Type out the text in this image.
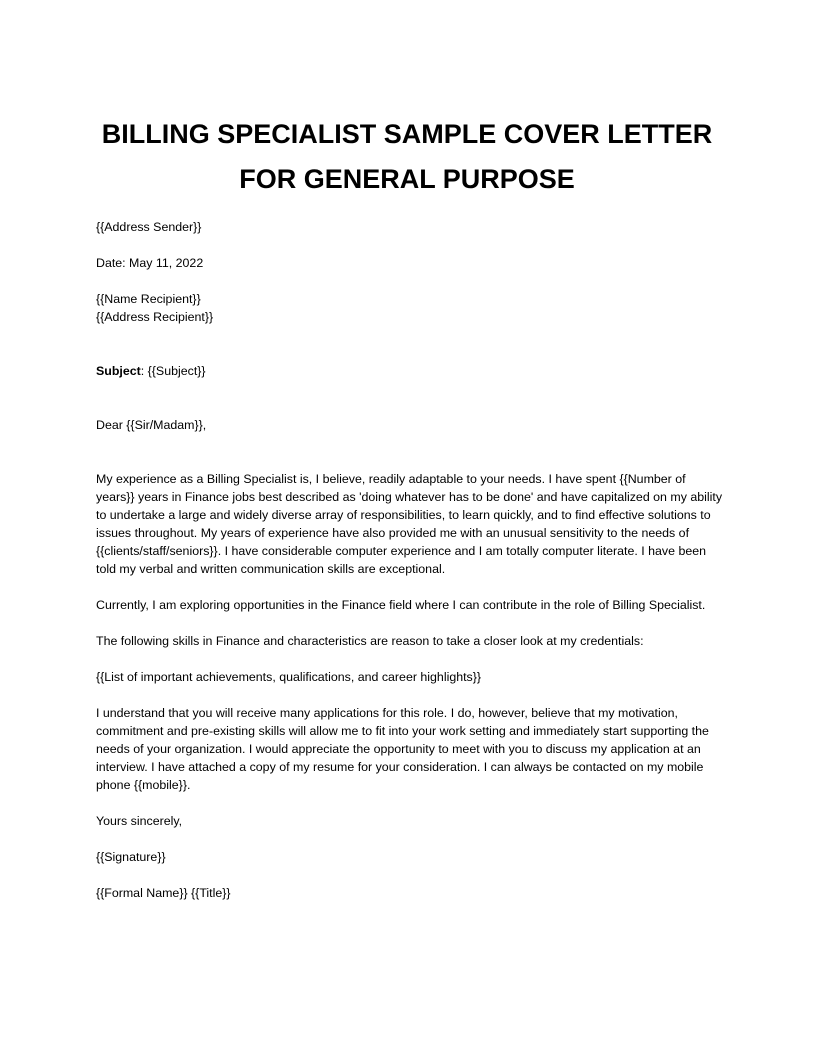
BILLING SPECIALIST SAMPLE COVER LETTER
FOR GENERAL PURPOSE

{{Address Sender}}

Date: May 11, 2022

{{Name Recipient}}

{{Address Recipient}}

Subject: {{Subject}}

Dear {{Sir/Madam}},

My experience as a Billing Specialist is, I believe, readily adaptable to your needs. I have spent {{Number of years}} years in Finance jobs best described as 'doing whatever has to be done' and have capitalized on my ability to undertake a large and widely diverse array of responsibilities, to learn quickly, and to find effective solutions to issues throughout. My years of experience have also provided me with an unusual sensitivity to the needs of {{clients/staff/seniors}}. I have considerable computer experience and I am totally computer literate. I have been told my verbal and written communication skills are exceptional.

Currently, I am exploring opportunities in the Finance field where I can contribute in the role of Billing Specialist.

The following skills in Finance and characteristics are reason to take a closer look at my credentials:

{{List of important achievements, qualifications, and career highlights}}

I understand that you will receive many applications for this role. I do, however, believe that my motivation, commitment and pre-existing skills will allow me to fit into your work setting and immediately start supporting the needs of your organization. I would appreciate the opportunity to meet with you to discuss my application at an interview. I have attached a copy of my resume for your consideration. I can always be contacted on my mobile phone {{mobile}}.

Yours sincerely,

{{Signature}}

{{Formal Name}} {{Title}}
